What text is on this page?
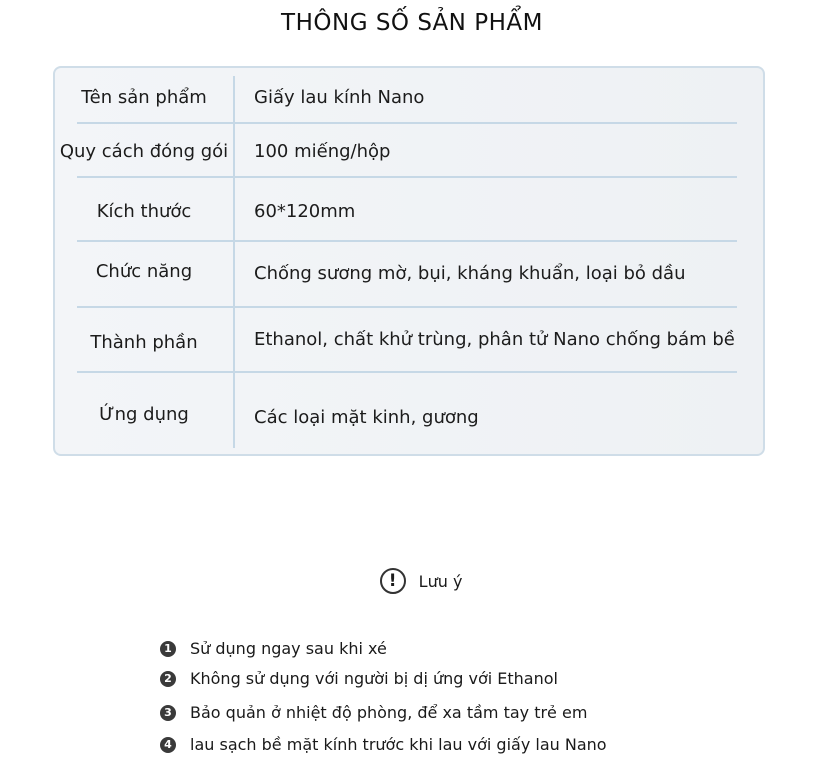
THÔNG SỐ SẢN PHẨM
Tên sản phẩm	Giấy lau kính Nano
Quy cách đóng gói 100 miếng/hộp
Kích thước	60*120mm
Chức năng	Chống sương mờ, bụi, kháng khuẩn, loại bỏ dầu
Thành phần	Ethanol, chất khử trùng, phân tử Nano chống bám bề
Ứng dụng	Các loại mặt kinh, gương
! Lưu ý
1 Sử dụng ngay sau khi xé
2 Không sử dụng với người bị dị ứng với Ethanol
3 Bảo quản ở nhiệt độ phòng, để xa tầm tay trẻ em
4 lau sạch bề mặt kính trước khi lau với giấy lau Nano
